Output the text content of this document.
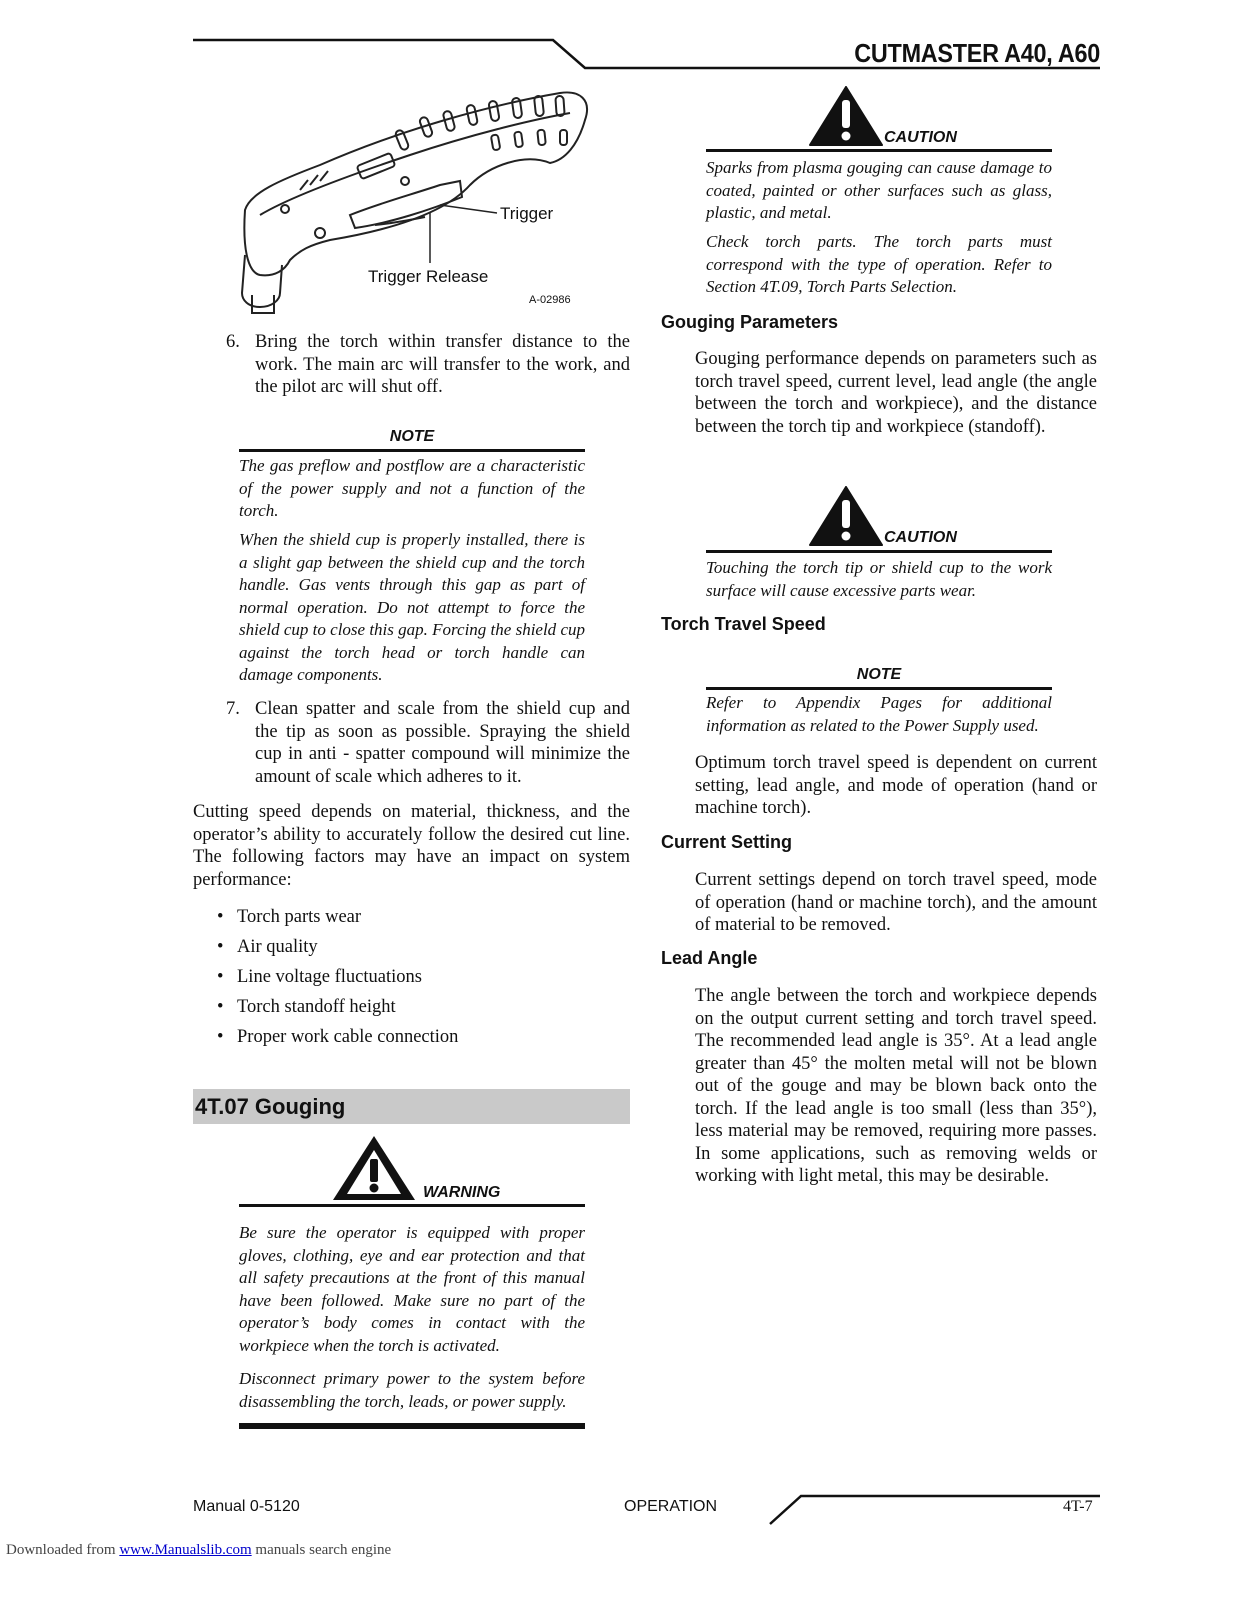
CUTMASTER A40, A60
Trigger
Trigger Release
A-02986
6. Bring the torch within transfer distance to the work. The main arc will transfer to the work, and the pilot arc will shut off.
NOTE
The gas preflow and postflow are a characteristic of the power supply and not a function of the torch.
When the shield cup is properly installed, there is a slight gap between the shield cup and the torch handle. Gas vents through this gap as part of normal operation. Do not attempt to force the shield cup to close this gap. Forcing the shield cup against the torch head or torch handle can damage components.
7. Clean spatter and scale from the shield cup and the tip as soon as possible. Spraying the shield cup in anti - spatter compound will minimize the amount of scale which adheres to it.
Cutting speed depends on material, thickness, and the operator’s ability to accurately follow the desired cut line. The following factors may have an impact on system performance:
• Torch parts wear
• Air quality
• Line voltage fluctuations
• Torch standoff height
• Proper work cable connection
4T.07 Gouging
WARNING
Be sure the operator is equipped with proper gloves, clothing, eye and ear protection and that all safety precautions at the front of this manual have been followed. Make sure no part of the operator’s body comes in contact with the workpiece when the torch is activated.
Disconnect primary power to the system before disassembling the torch, leads, or power supply.
CAUTION
Sparks from plasma gouging can cause damage to coated, painted or other surfaces such as glass, plastic, and metal.
Check torch parts. The torch parts must correspond with the type of operation. Refer to Section 4T.09, Torch Parts Selection.
Gouging Parameters
Gouging performance depends on parameters such as torch travel speed, current level, lead angle (the angle between the torch and workpiece), and the distance between the torch tip and workpiece (standoff).
CAUTION
Touching the torch tip or shield cup to the work surface will cause excessive parts wear.
Torch Travel Speed
NOTE
Refer to Appendix Pages for additional information as related to the Power Supply used.
Optimum torch travel speed is dependent on current setting, lead angle, and mode of operation (hand or machine torch).
Current Setting
Current settings depend on torch travel speed, mode of operation (hand or machine torch), and the amount of material to be removed.
Lead Angle
The angle between the torch and workpiece depends on the output current setting and torch travel speed. The recommended lead angle is 35°. At a lead angle greater than 45° the molten metal will not be blown out of the gouge and may be blown back onto the torch. If the lead angle is too small (less than 35°), less material may be removed, requiring more passes. In some applications, such as removing welds or working with light metal, this may be desirable.
Manual 0-5120	OPERATION	4T-7
Downloaded from www.Manualslib.com manuals search engine
